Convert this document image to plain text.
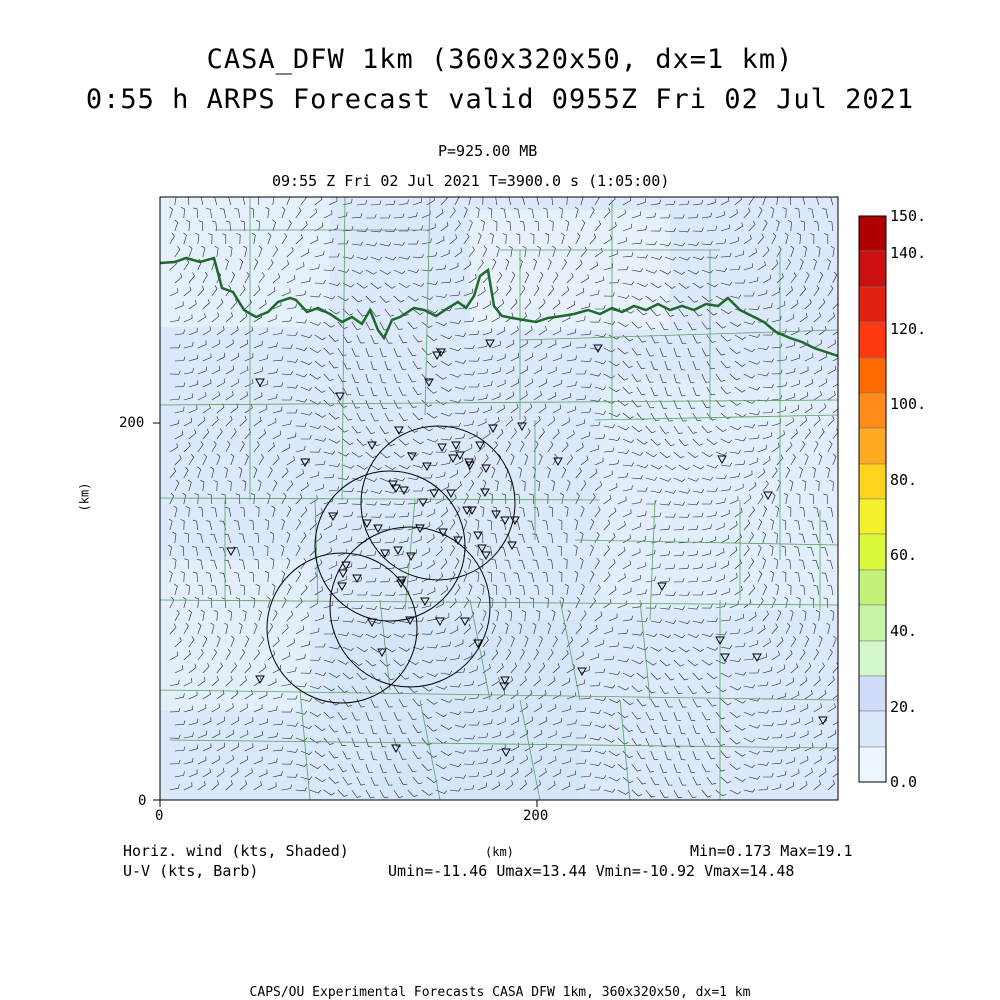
CASA_DFW 1km (360x320x50, dx=1 km)
0:55 h ARPS Forecast valid 0955Z Fri 02 Jul 2021
P=925.00 MB
09:55 Z Fri 02 Jul 2021 T=3900.0 s (1:05:00)
0	200
0
200
(km)
(km)
150.
140.
120.
100.
80.
60.
40.
20.
0.0
Horiz. wind (kts, Shaded)
U-V (kts, Barb)
Min=0.173 Max=19.1
Umin=-11.46 Umax=13.44 Vmin=-10.92 Vmax=14.48
CAPS/OU Experimental Forecasts CASA DFW 1km, 360x320x50, dx=1 km
